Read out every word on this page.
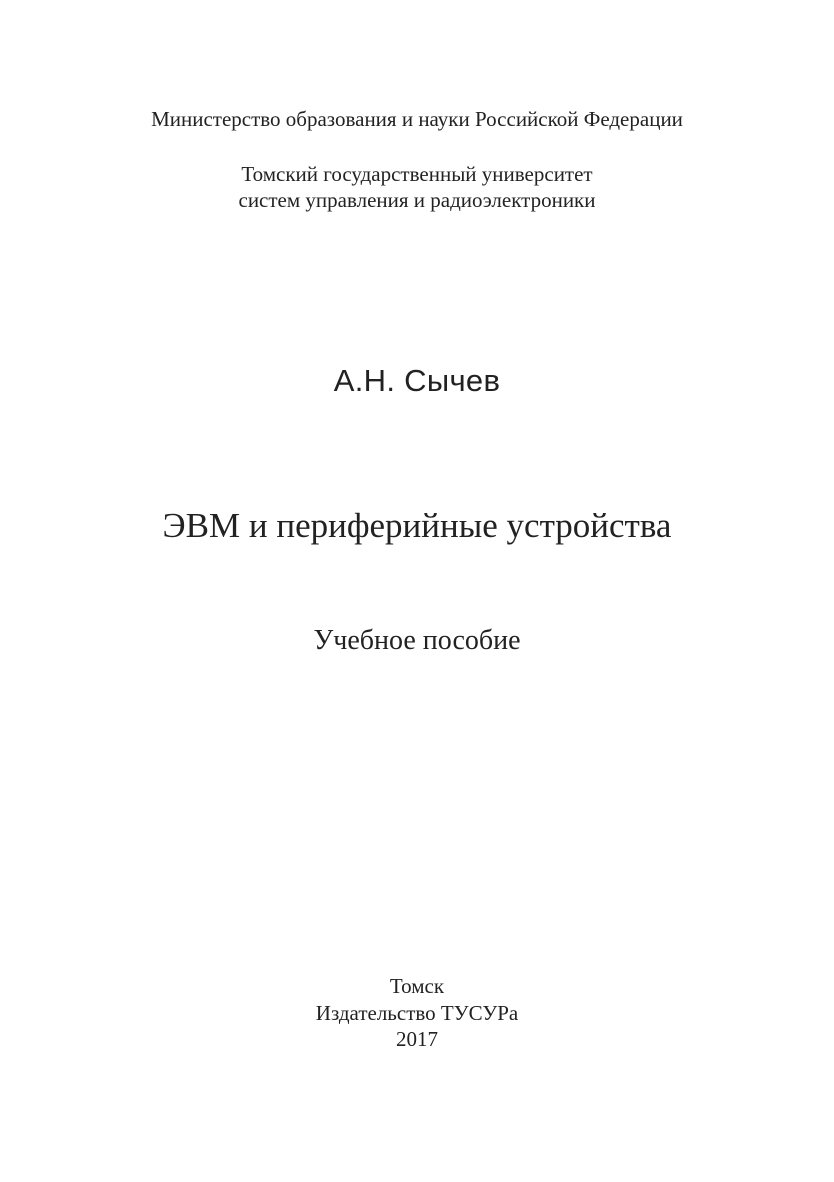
Министерство образования и науки Российской Федерации
Томский государственный университет
систем управления и радиоэлектроники
А.Н. Сычев
ЭВМ и периферийные устройства
Учебное пособие
Томск
Издательство ТУСУРа
2017
